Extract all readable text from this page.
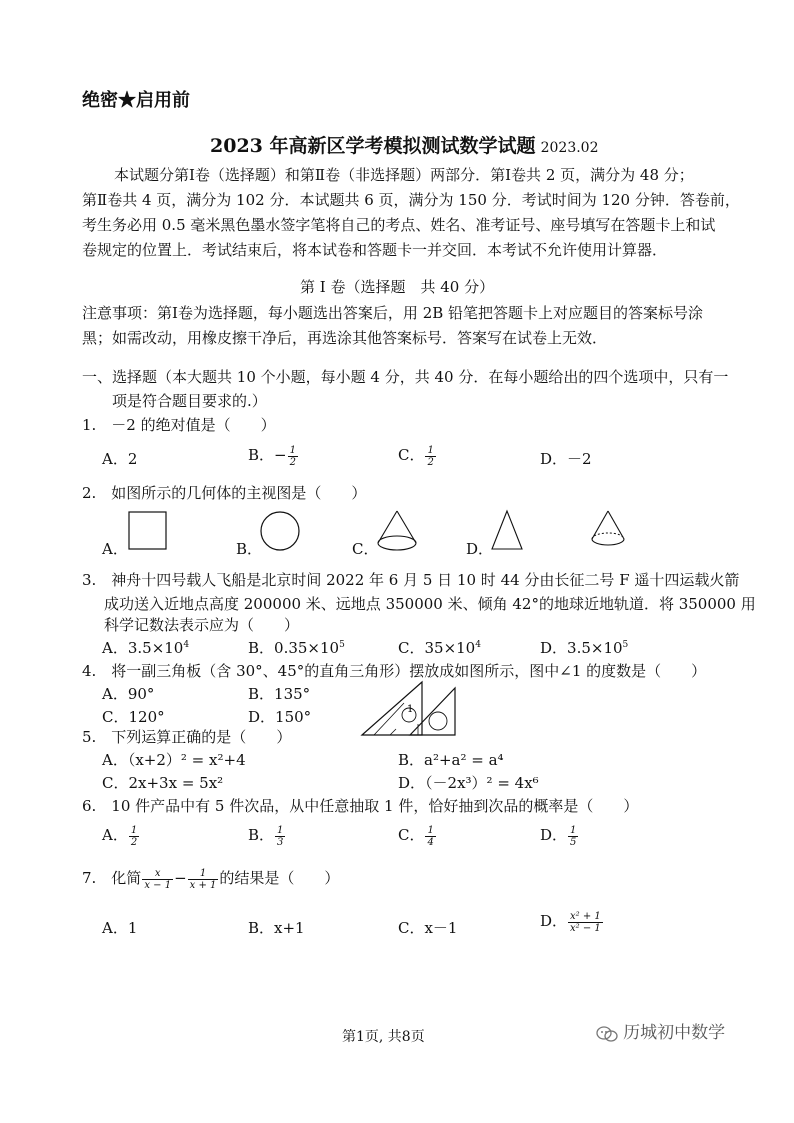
绝密★启用前
2023 年高新区学考模拟测试数学试题 2023.02
本试题分第Ⅰ卷（选择题）和第Ⅱ卷（非选择题）两部分．第Ⅰ卷共 2 页，满分为 48 分；
第Ⅱ卷共 4 页，满分为 102 分．本试题共 6 页，满分为 150 分．考试时间为 120 分钟．答卷前，
考生务必用 0.5 毫米黑色墨水签字笔将自己的考点、姓名、准考证号、座号填写在答题卡上和试
卷规定的位置上．考试结束后，将本试卷和答题卡一并交回．本考试不允许使用计算器．
第 I 卷（选择题　共 40 分）
注意事项：第Ⅰ卷为选择题，每小题选出答案后，用 2B 铅笔把答题卡上对应题目的答案标号涂
黑；如需改动，用橡皮擦干净后，再选涂其他答案标号．答案写在试卷上无效．
一、选择题（本大题共 10 个小题，每小题 4 分，共 40 分．在每小题给出的四个选项中，只有一
项是符合题目要求的.）
1.　－2 的绝对值是（　　）
A．2	B．− $\frac{1}{2}$	C． $\frac{1}{2}$	D．－2
2.　如图所示的几何体的主视图是（　　）
A．	B．	C．	D．
3.　神舟十四号载人飞船是北京时间 2022 年 6 月 5 日 10 时 44 分由长征二号 F 遥十四运载火箭
成功送入近地点高度 200000 米、远地点 350000 米、倾角 42°的地球近地轨道．将 350000 用
科学记数法表示应为（　　）
A．$3.5\times 10^4$	B．$0.35\times 10^5$	C．$35\times 10^4$	D．$3.5\times 10^5$
4.　将一副三角板（含 30°、45°的直角三角形）摆放成如图所示，图中∠1 的度数是（　　）
A．90°	B．135°
C．120°	D．150°	1
5.　下列运算正确的是（　　）
A．（x+2）² = x²+4	B．a²+a² = a⁴
C．2x+3x = 5x²	D．（－2x³）² = 4x⁶
6.　10 件产品中有 5 件次品，从中任意抽取 1 件，恰好抽到次品的概率是（　　）
A． $\frac{1}{2}$	B． $\frac{1}{3}$	C． $\frac{1}{4}$	D． $\frac{1}{5}$
7.　化简 $\frac{x}{x - 1} - \frac{1}{x + 1}$ 的结果是（　　）
A．1	B．x+1	C．x－1	D． $\frac{\text{x² + 1}}{\text{x² − 1}}$
第1页, 共8页	历城初中数学
